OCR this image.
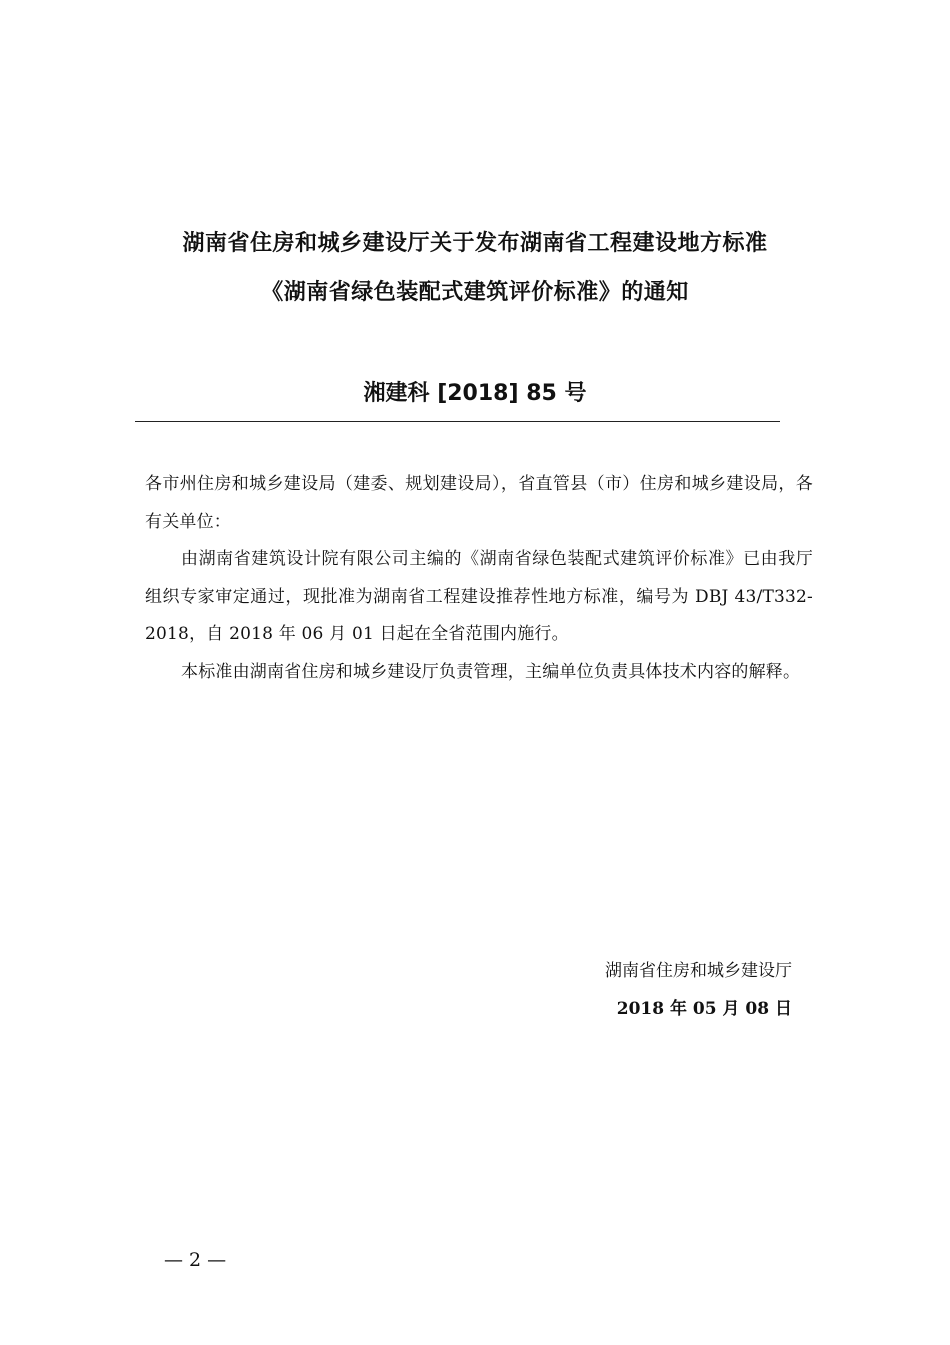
湖南省住房和城乡建设厅关于发布湖南省工程建设地方标准
《湖南省绿色装配式建筑评价标准》的通知
湘建科 [2018] 85 号

各市州住房和城乡建设局（建委、规划建设局），省直管县（市）住房和城乡建设局，各有关单位：

由湖南省建筑设计院有限公司主编的《湖南省绿色装配式建筑评价标准》已由我厅组织专家审定通过，现批准为湖南省工程建设推荐性地方标准，编号为 DBJ 43/T332-2018，自 2018 年 06 月 01 日起在全省范围内施行。

本标准由湖南省住房和城乡建设厅负责管理，主编单位负责具体技术内容的解释。

湖南省住房和城乡建设厅
2018 年 05 月 08 日
— 2 —
